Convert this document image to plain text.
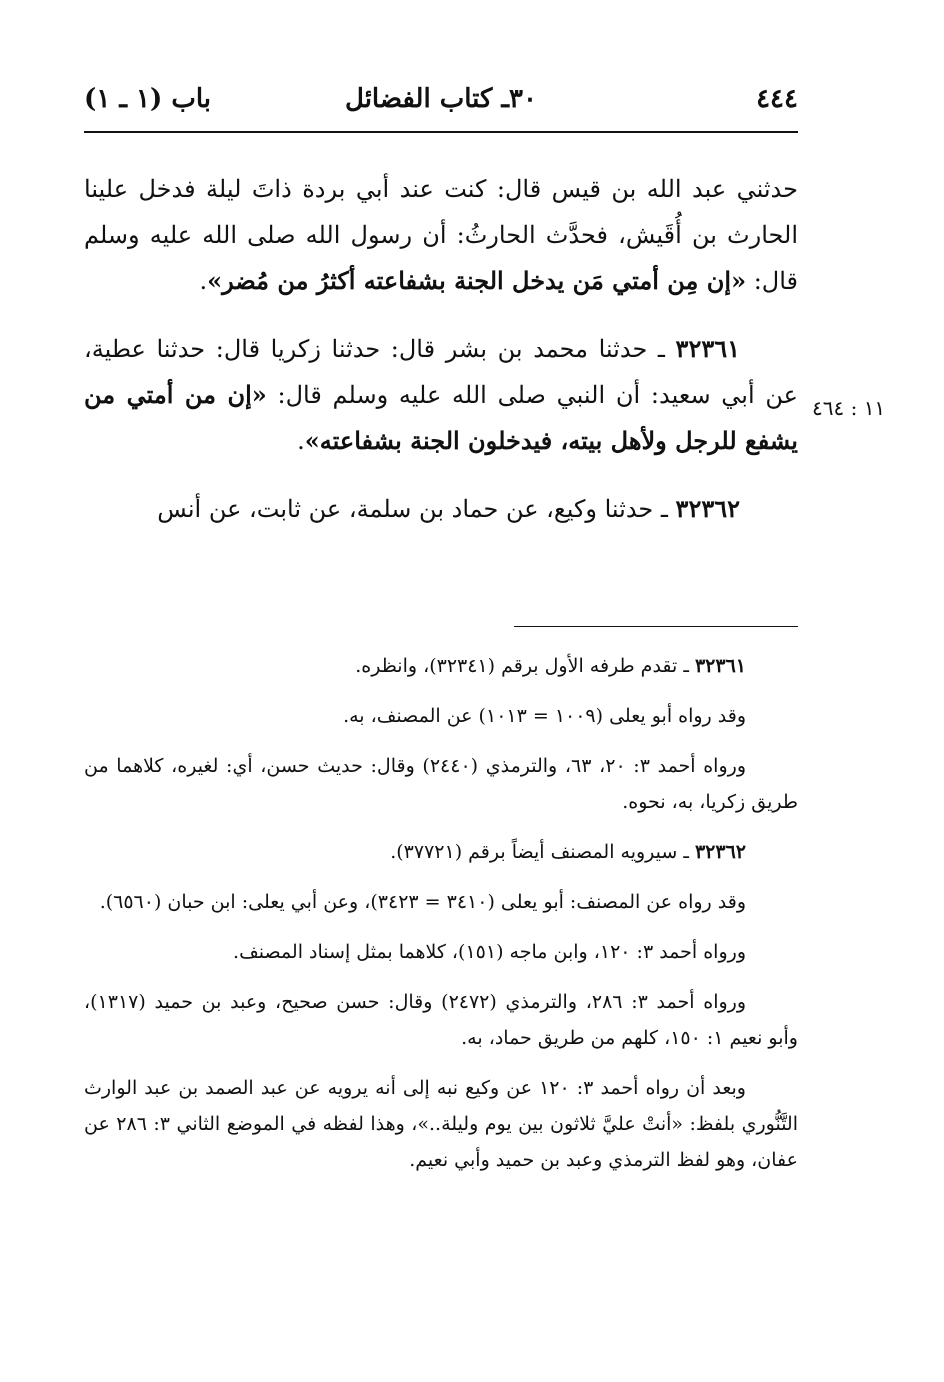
٤٤٤
٣٠ـ كتاب الفضائل
باب (١ ـ ١)
١١ : ٤٦٤

حدثني عبد الله بن قيس قال: كنت عند أبي بردة ذاتَ ليلة فدخل علينا الحارث بن أُقَيش، فحدَّث الحارثُ: أن رسول الله صلى الله عليه وسلم قال: «إن مِن أمتي مَن يدخل الجنة بشفاعته أكثرُ من مُضر».

٣٢٣٦١ ـ حدثنا محمد بن بشر قال: حدثنا زكريا قال: حدثنا عطية، عن أبي سعيد: أن النبي صلى الله عليه وسلم قال: «إن من أمتي من يشفع للرجل ولأهل بيته، فيدخلون الجنة بشفاعته».

٣٢٣٦٢ ـ حدثنا وكيع، عن حماد بن سلمة، عن ثابت، عن أنس

٣٢٣٦١ ـ تقدم طرفه الأول برقم (٣٢٣٤١)، وانظره.

وقد رواه أبو يعلى (١٠٠٩ = ١٠١٣) عن المصنف، به.

ورواه أحمد ٣: ٢٠، ٦٣، والترمذي (٢٤٤٠) وقال: حديث حسن، أي: لغيره، كلاهما من طريق زكريا، به، نحوه.

٣٢٣٦٢ ـ سيرويه المصنف أيضاً برقم (٣٧٧٢١).

وقد رواه عن المصنف: أبو يعلى (٣٤١٠ = ٣٤٢٣)، وعن أبي يعلى: ابن حبان (٦٥٦٠).

ورواه أحمد ٣: ١٢٠، وابن ماجه (١٥١)، كلاهما بمثل إسناد المصنف.

ورواه أحمد ٣: ٢٨٦، والترمذي (٢٤٧٢) وقال: حسن صحيح، وعبد بن حميد (١٣١٧)، وأبو نعيم ١: ١٥٠، كلهم من طريق حماد، به.

وبعد أن رواه أحمد ٣: ١٢٠ عن وكيع نبه إلى أنه يرويه عن عبد الصمد بن عبد الوارث التَّنُّوري بلفظ: «أنتْ عليَّ ثلاثون بين يوم وليلة..»، وهذا لفظه في الموضع الثاني ٣: ٢٨٦ عن عفان، وهو لفظ الترمذي وعبد بن حميد وأبي نعيم.
